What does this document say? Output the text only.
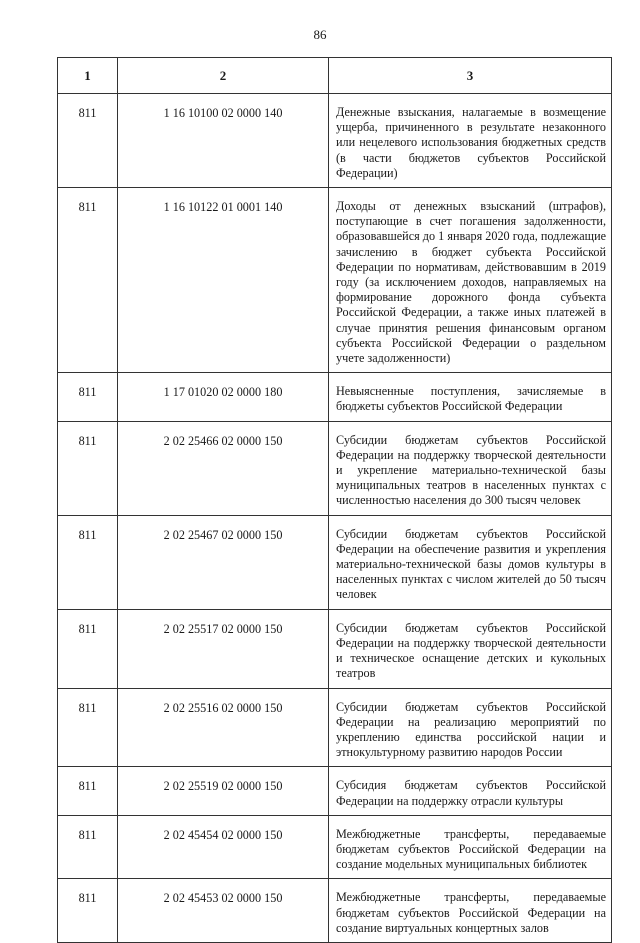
86
1	2	3
811	1 16 10100 02 0000 140	Денежные взыскания, налагаемые в возмещение ущерба, причиненного в результате незаконного или нецелевого использования бюджетных средств (в части бюджетов субъектов Российской Федерации)
811	1 16 10122 01 0001 140	Доходы от денежных взысканий (штрафов), поступающие в счет погашения задолженности, образовавшейся до 1 января 2020 года, подлежащие зачислению в бюджет субъекта Российской Федерации по нормативам, действовавшим в 2019 году (за исключением доходов, направляемых на формирование дорожного фонда субъекта Российской Федерации, а также иных платежей в случае принятия решения финансовым органом субъекта Российской Федерации о раздельном учете задолженности)
811	1 17 01020 02 0000 180	Невыясненные поступления, зачисляемые в бюджеты субъектов Российской Федерации
811	2 02 25466 02 0000 150	Субсидии бюджетам субъектов Российской Федерации на поддержку творческой деятельности и укрепление материально-технической базы муниципальных театров в населенных пунктах с численностью населения до 300 тысяч человек
811	2 02 25467 02 0000 150	Субсидии бюджетам субъектов Российской Федерации на обеспечение развития и укрепления материально-технической базы домов культуры в населенных пунктах с числом жителей до 50 тысяч человек
811	2 02 25517 02 0000 150	Субсидии бюджетам субъектов Российской Федерации на поддержку творческой деятельности и техническое оснащение детских и кукольных театров
811	2 02 25516 02 0000 150	Субсидии бюджетам субъектов Российской Федерации на реализацию мероприятий по укреплению единства российской нации и этнокультурному развитию народов России
811	2 02 25519 02 0000 150	Субсидия бюджетам субъектов Российской Федерации на поддержку отрасли культуры
811	2 02 45454 02 0000 150	Межбюджетные трансферты, передаваемые бюджетам субъектов Российской Федерации на создание модельных муниципальных библиотек
811	2 02 45453 02 0000 150	Межбюджетные трансферты, передаваемые бюджетам субъектов Российской Федерации на создание виртуальных концертных залов
